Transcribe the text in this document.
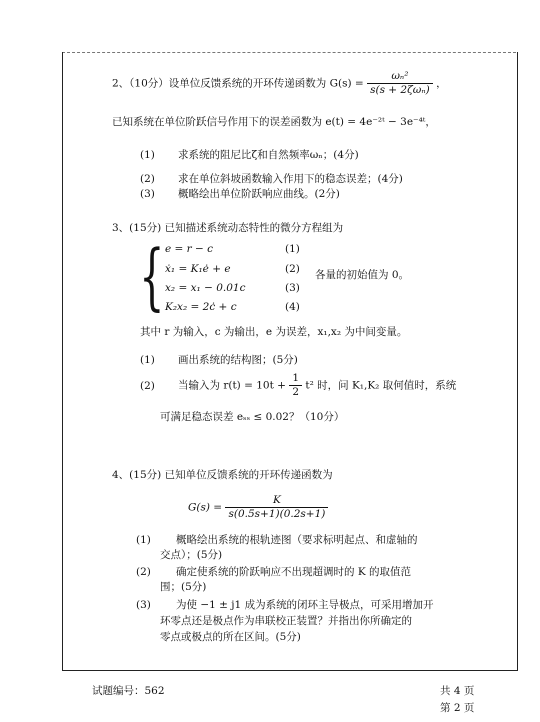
2、（10分）设单位反馈系统的开环传递函数为 $G(s) = \frac{\text{ωₙ²}}{\text{s(s + 2ζωₙ)}}$ ，
已知系统在单位阶跃信号作用下的误差函数为 e(t) = 4e⁻²ᵗ − 3e⁻⁴ᵗ，
(1) 求系统的阻尼比ζ和自然频率ωₙ；(4分)
(2) 求在单位斜坡函数输入作用下的稳态误差；(4分)
(3) 概略绘出单位阶跃响应曲线。(2分)
3、(15分) 已知描述系统动态特性的微分方程组为
{ e = r − c	(1)
ẋ₁ = K₁ė + e	(2)
x₂ = x₁ − 0.01c	(3)
K₂x₂ = 2ċ + c	(4)
各量的初始值为 0。
其中 r 为输入，c 为输出，e 为误差，x₁,x₂ 为中间变量。
(1) 画出系统的结构图；(5分)
(2) 当输入为 $r(t) = 10t + \frac{1}{2} t^2$ 时，问 K₁,K₂ 取何值时，系统
可满足稳态误差 eₛₛ ≤ 0.02？（10分）
4、(15分) 已知单位反馈系统的开环传递函数为
$G(s) = \frac{K}{s(0.5s+1)(0.2s+1)}$
(1) 概略绘出系统的根轨迹图（要求标明起点、和虚轴的
交点）；(5分)
(2) 确定使系统的阶跃响应不出现超调时的 K 的取值范
围；(5分)
(3) 为使 −1 ± j1 成为系统的闭环主导极点，可采用增加开
环零点还是极点作为串联校正装置？并指出你所确定的
零点或极点的所在区间。(5分)
试题编号：562	共 4 页
第 2 页
